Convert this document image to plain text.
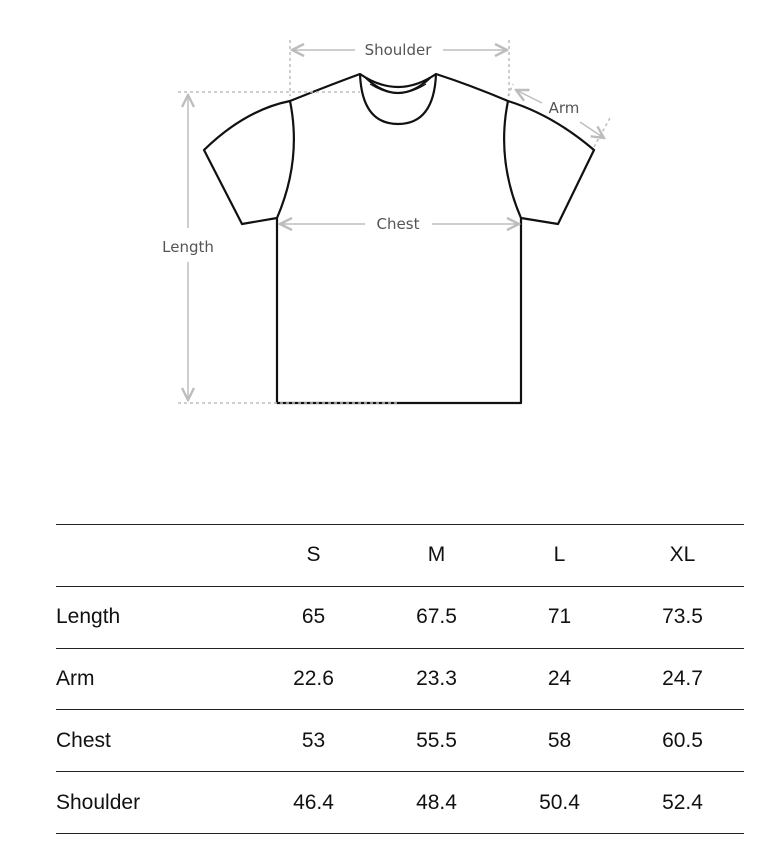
Shoulder
Arm
Chest
Length
	S	M	L	XL
Length	65	67.5	71	73.5
Arm	22.6	23.3	24	24.7
Chest	53	55.5	58	60.5
Shoulder	46.4	48.4	50.4	52.4
